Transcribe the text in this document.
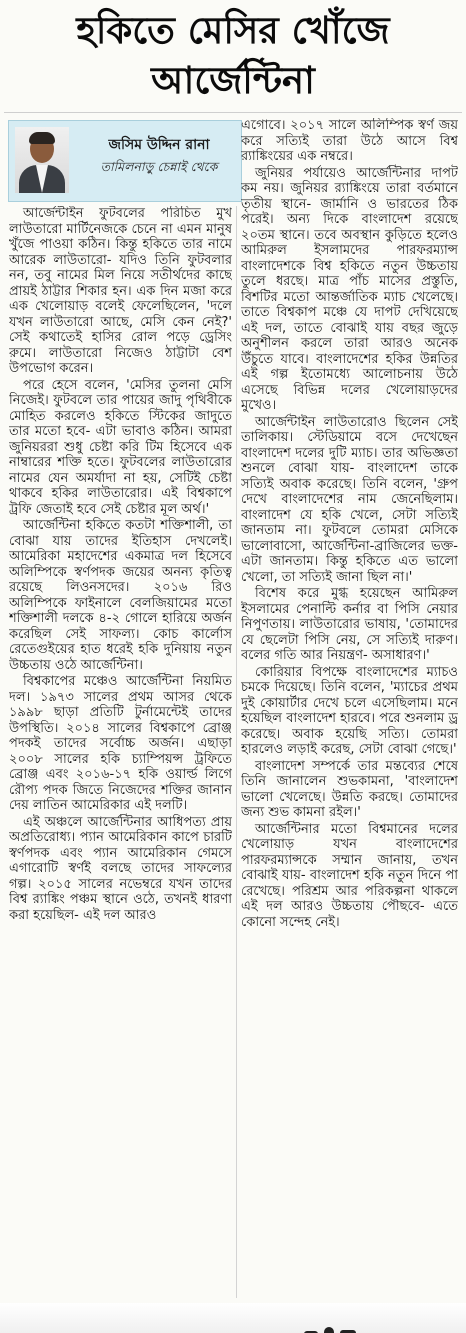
হকিতে মেসির খোঁজে
আর্জেন্টিনা
জসিম উদ্দিন রানা
তামিলনাড়ু চেন্নাই থেকে

আর্জেন্টাইন ফুটবলের পরিচিত মুখ লাউতারো মার্টিনেজকে চেনে না এমন মানুষ খুঁজে পাওয়া কঠিন। কিন্তু হকিতে তার নামে আরেক লাউতারো- যদিও তিনি ফুটবলার নন, তবু নামের মিল নিয়ে সতীর্থদের কাছে প্রায়ই ঠাট্টার শিকার হন। এক দিন মজা করে এক খেলোয়াড় বলেই ফেলেছিলেন, 'দলে যখন লাউতারো আছে, মেসি কেন নেই?' সেই কথাতেই হাসির রোল পড়ে ড্রেসিং রুমে। লাউতারো নিজেও ঠাট্টাটা বেশ উপভোগ করেন।

পরে হেসে বলেন, 'মেসির তুলনা মেসি নিজেই। ফুটবলে তার পায়ের জাদু পৃথিবীকে মোহিত করলেও হকিতে স্টিকের জাদুতে তার মতো হবে- এটা ভাবাও কঠিন। আমরা জুনিয়ররা শুধু চেষ্টা করি টিম হিসেবে এক নাম্বারের শক্তি হতে। ফুটবলের লাউতারোর নামের যেন অমর্যাদা না হয়, সেটিই চেষ্টা থাকবে হকির লাউতারোর। এই বিশ্বকাপে ট্রফি জেতাই হবে সেই চেষ্টার মূল অর্থ।'

আর্জেন্টিনা হকিতে কতটা শক্তিশালী, তা বোঝা যায় তাদের ইতিহাস দেখলেই। আমেরিকা মহাদেশের একমাত্র দল হিসেবে অলিম্পিকে স্বর্ণপদক জয়ের অনন্য কৃতিত্ব রয়েছে লিওনসদের। ২০১৬ রিও অলিম্পিকে ফাইনালে বেলজিয়ামের মতো শক্তিশালী দলকে ৪-২ গোলে হারিয়ে অর্জন করেছিল সেই সাফল্য। কোচ কার্লোস রেতেগুইয়ের হাত ধরেই হকি দুনিয়ায় নতুন উচ্চতায় ওঠে আর্জেন্টিনা।

বিশ্বকাপের মঞ্চেও আর্জেন্টিনা নিয়মিত দল। ১৯৭৩ সালের প্রথম আসর থেকে ১৯৯৮ ছাড়া প্রতিটি টুর্নামেন্টেই তাদের উপস্থিতি। ২০১৪ সালের বিশ্বকাপে ব্রোঞ্জ পদকই তাদের সর্বোচ্চ অর্জন। এছাড়া ২০০৮ সালের হকি চ্যাম্পিয়ন্স ট্রফিতে ব্রোঞ্জ এবং ২০১৬-১৭ হকি ওয়ার্ল্ড লিগে রৌপ্য পদক জিতে নিজেদের শক্তির জানান দেয় লাতিন আমেরিকার এই দলটি।

এই অঞ্চলে আর্জেন্টিনার আধিপত্য প্রায় অপ্রতিরোধ্য। প্যান আমেরিকান কাপে চারটি স্বর্ণপদক এবং প্যান আমেরিকান গেমসে এগারোটি স্বর্ণই বলছে তাদের সাফল্যের গল্প। ২০১৫ সালের নভেম্বরে যখন তাদের বিশ্ব র‍্যাঙ্কিং পঞ্চম স্থানে ওঠে, তখনই ধারণা করা হয়েছিল- এই দল আরও

এগোবে। ২০১৭ সালে অলিম্পিক স্বর্ণ জয় করে সত্যিই তারা উঠে আসে বিশ্ব র‍্যাঙ্কিংয়ের এক নম্বরে।

জুনিয়র পর্যায়েও আর্জেন্টিনার দাপট কম নয়। জুনিয়র র‍্যাঙ্কিংয়ে তারা বর্তমানে তৃতীয় স্থানে- জার্মানি ও ভারতের ঠিক পরেই। অন্য দিকে বাংলাদেশ রয়েছে ২০তম স্থানে। তবে অবস্থান কুড়িতে হলেও আমিরুল ইসলামদের পারফরম্যান্স বাংলাদেশকে বিশ্ব হকিতে নতুন উচ্চতায় তুলে ধরছে। মাত্র পাঁচ মাসের প্রস্তুতি, বিশটির মতো আন্তর্জাতিক ম্যাচ খেলেছে। তাতে বিশ্বকাপ মঞ্চে যে দাপট দেখিয়েছে এই দল, তাতে বোঝাই যায় বছর জুড়ে অনুশীলন করলে তারা আরও অনেক উঁচুতে যাবে। বাংলাদেশের হকির উন্নতির এই গল্প ইতোমধ্যে আলোচনায় উঠে এসেছে বিভিন্ন দলের খেলোয়াড়দের মুখেও।

আর্জেন্টাইন লাউতারোও ছিলেন সেই তালিকায়। স্টেডিয়ামে বসে দেখেছেন বাংলাদেশ দলের দুটি ম্যাচ। তার অভিজ্ঞতা শুনলে বোঝা যায়- বাংলাদেশ তাকে সত্যিই অবাক করেছে। তিনি বলেন, 'গ্রুপ দেখে বাংলাদেশের নাম জেনেছিলাম। বাংলাদেশ যে হকি খেলে, সেটা সত্যিই জানতাম না। ফুটবলে তোমরা মেসিকে ভালোবাসো, আর্জেন্টিনা-ব্রাজিলের ভক্ত- এটা জানতাম। কিন্তু হকিতে এত ভালো খেলো, তা সত্যিই জানা ছিল না।'

বিশেষ করে মুগ্ধ হয়েছেন আমিরুল ইসলামের পেনাল্টি কর্নার বা পিসি নেয়ার নিপুণতায়। লাউতারোর ভাষায়, 'তোমাদের যে ছেলেটা পিসি নেয়, সে সত্যিই দারুণ। বলের গতি আর নিয়ন্ত্রণ- অসাধারণ।'

কোরিয়ার বিপক্ষে বাংলাদেশের ম্যাচও চমকে দিয়েছে। তিনি বলেন, 'ম্যাচের প্রথম দুই কোয়ার্টার দেখে চলে এসেছিলাম। মনে হয়েছিল বাংলাদেশ হারবে। পরে শুনলাম ড্র করেছে। অবাক হয়েছি সত্যি। তোমরা হারলেও লড়াই করেছ, সেটা বোঝা গেছে।'

বাংলাদেশ সম্পর্কে তার মন্তব্যের শেষে তিনি জানালেন শুভকামনা, 'বাংলাদেশ ভালো খেলেছে। উন্নতি করছে। তোমাদের জন্য শুভ কামনা রইল।'

আর্জেন্টিনার মতো বিশ্বমানের দলের খেলোয়াড় যখন বাংলাদেশের পারফরম্যান্সকে সম্মান জানায়, তখন বোঝাই যায়- বাংলাদেশ হকি নতুন দিনে পা রেখেছে। পরিশ্রম আর পরিকল্পনা থাকলে এই দল আরও উচ্চতায় পৌছবে- এতে কোনো সন্দেহ নেই।
